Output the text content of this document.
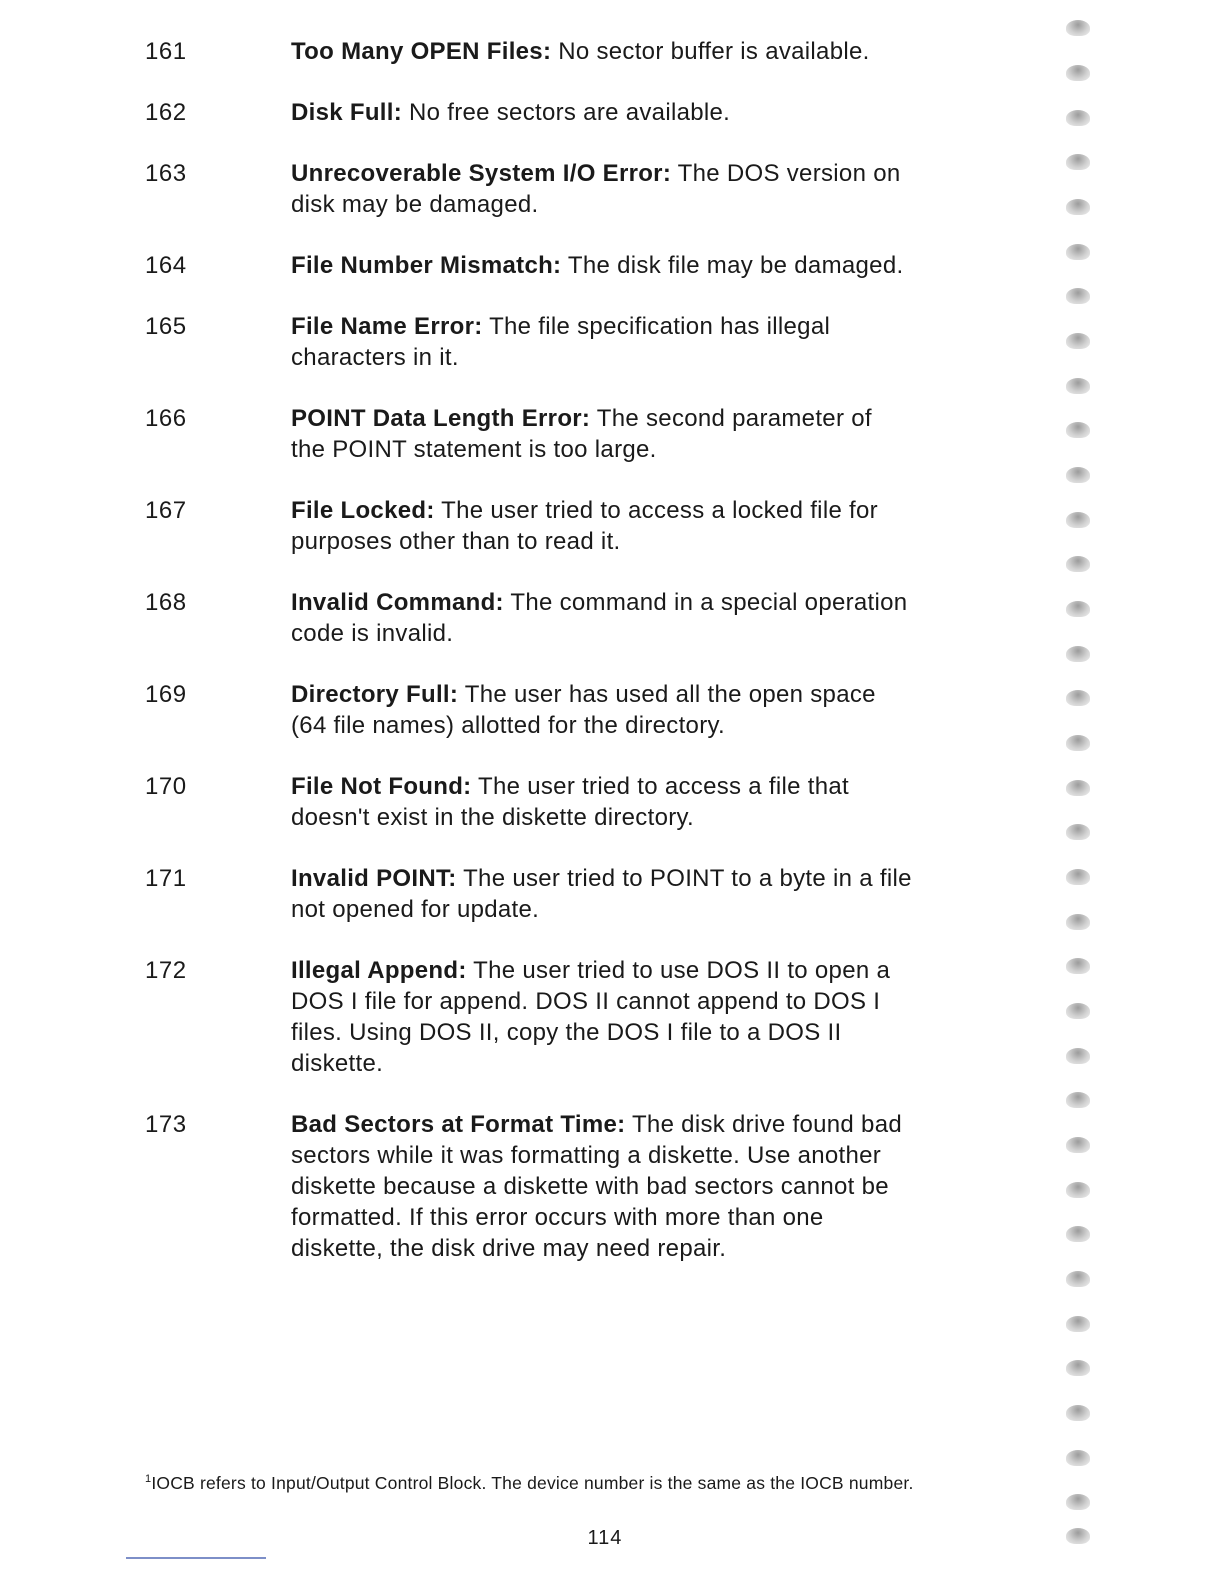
161	Too Many OPEN Files: No sector buffer is available.
162	Disk Full: No free sectors are available.
163	Unrecoverable System I/O Error: The DOS version on disk may be damaged.
164	File Number Mismatch: The disk file may be damaged.
165	File Name Error: The file specification has illegal characters in it.
166	POINT Data Length Error: The second parameter of the POINT statement is too large.
167	File Locked: The user tried to access a locked file for purposes other than to read it.
168	Invalid Command: The command in a special operation code is invalid.
169	Directory Full: The user has used all the open space (64 file names) allotted for the directory.
170	File Not Found: The user tried to access a file that doesn't exist in the diskette directory.
171	Invalid POINT: The user tried to POINT to a byte in a file not opened for update.
172	Illegal Append: The user tried to use DOS II to open a DOS I file for append. DOS II cannot append to DOS I files. Using DOS II, copy the DOS I file to a DOS II diskette.
173	Bad Sectors at Format Time: The disk drive found bad sectors while it was formatting a diskette. Use another diskette because a diskette with bad sectors cannot be formatted. If this error occurs with more than one diskette, the disk drive may need repair.
$^1$IOCB refers to Input/Output Control Block. The device number is the same as the IOCB number.
114
